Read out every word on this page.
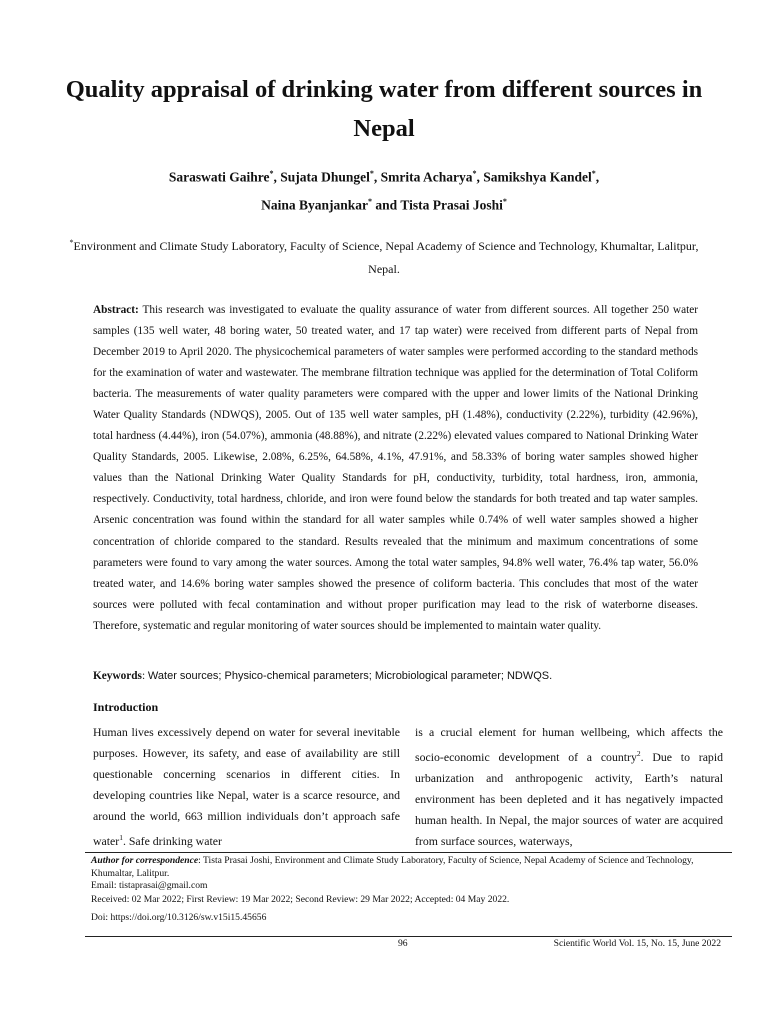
Quality appraisal of drinking water from different sources in Nepal
Saraswati Gaihre*, Sujata Dhungel*, Smrita Acharya*, Samikshya Kandel*,
Naina Byanjankar* and Tista Prasai Joshi*
*Environment and Climate Study Laboratory, Faculty of Science, Nepal Academy of Science and Technology, Khumaltar, Lalitpur, Nepal.
Abstract: This research was investigated to evaluate the quality assurance of water from different sources. All together 250 water samples (135 well water, 48 boring water, 50 treated water, and 17 tap water) were received from different parts of Nepal from December 2019 to April 2020. The physicochemical parameters of water samples were performed according to the standard methods for the examination of water and wastewater. The membrane filtration technique was applied for the determination of Total Coliform bacteria. The measurements of water quality parameters were compared with the upper and lower limits of the National Drinking Water Quality Standards (NDWQS), 2005. Out of 135 well water samples, pH (1.48%), conductivity (2.22%), turbidity (42.96%), total hardness (4.44%), iron (54.07%), ammonia (48.88%), and nitrate (2.22%) elevated values compared to National Drinking Water Quality Standards, 2005. Likewise, 2.08%, 6.25%, 64.58%, 4.1%, 47.91%, and 58.33% of boring water samples showed higher values than the National Drinking Water Quality Standards for pH, conductivity, turbidity, total hardness, iron, ammonia, respectively. Conductivity, total hardness, chloride, and iron were found below the standards for both treated and tap water samples. Arsenic concentration was found within the standard for all water samples while 0.74% of well water samples showed a higher concentration of chloride compared to the standard. Results revealed that the minimum and maximum concentrations of some parameters were found to vary among the water sources. Among the total water samples, 94.8% well water, 76.4% tap water, 56.0% treated water, and 14.6% boring water samples showed the presence of coliform bacteria. This concludes that most of the water sources were polluted with fecal contamination and without proper purification may lead to the risk of waterborne diseases. Therefore, systematic and regular monitoring of water sources should be implemented to maintain water quality.
Keywords: Water sources; Physico-chemical parameters; Microbiological parameter; NDWQS.
Introduction
Human lives excessively depend on water for several inevitable purposes. However, its safety, and ease of availability are still questionable concerning scenarios in different cities. In developing countries like Nepal, water is a scarce resource, and around the world, 663 million individuals don’t approach safe water$^1$. Safe drinking water
is a crucial element for human wellbeing, which affects the socio-economic development of a country$^2$. Due to rapid urbanization and anthropogenic activity, Earth’s natural environment has been depleted and it has negatively impacted human health. In Nepal, the major sources of water are acquired from surface sources, waterways,
Author for correspondence: Tista Prasai Joshi, Environment and Climate Study Laboratory, Faculty of Science, Nepal Academy of Science and Technology, Khumaltar, Lalitpur.
Email: tistaprasai@gmail.com
Received: 02 Mar 2022; First Review: 19 Mar 2022; Second Review: 29 Mar 2022; Accepted: 04 May 2022.
Doi: https://doi.org/10.3126/sw.v15i15.45656
96	Scientific World Vol. 15, No. 15, June 2022
